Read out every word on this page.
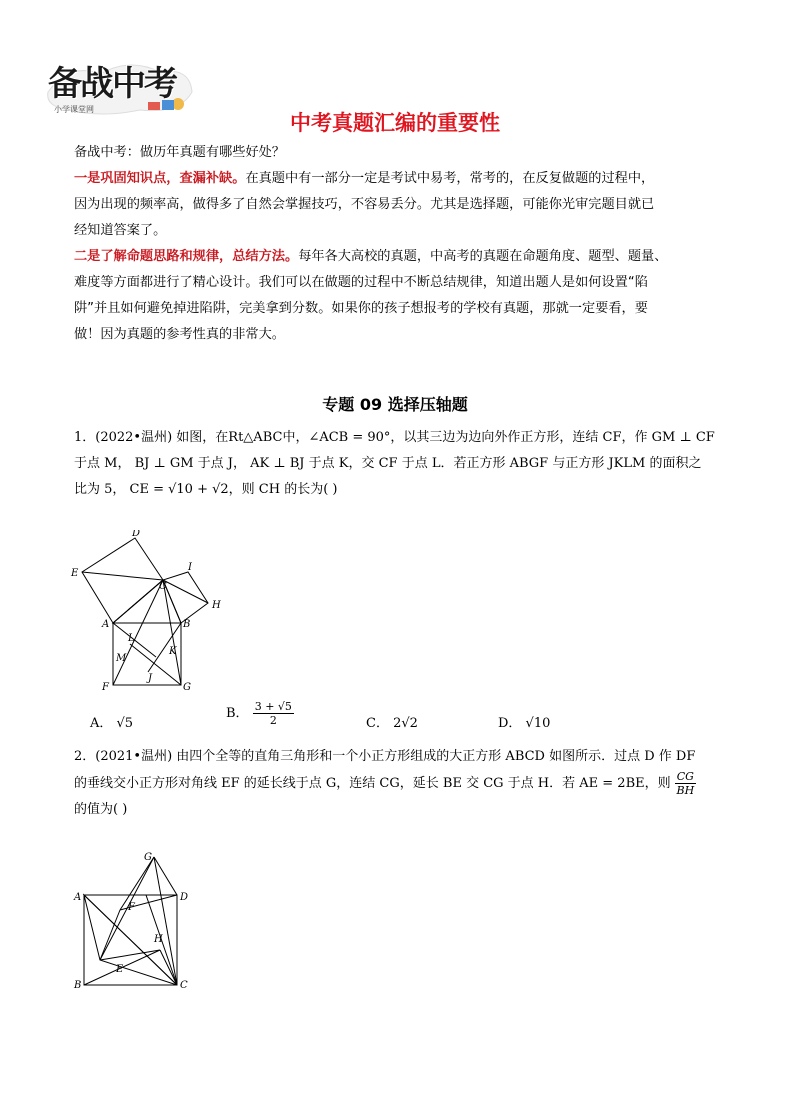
备战中考
小学课堂网
中考真题汇编的重要性
备战中考：做历年真题有哪些好处？
一是巩固知识点，查漏补缺。在真题中有一部分一定是考试中易考，常考的，在反复做题的过程中，
因为出现的频率高，做得多了自然会掌握技巧，不容易丢分。尤其是选择题，可能你光审完题目就已
经知道答案了。
二是了解命题思路和规律，总结方法。每年各大高校的真题，中高考的真题在命题角度、题型、题量、
难度等方面都进行了精心设计。我们可以在做题的过程中不断总结规律，知道出题人是如何设置“陷
阱”并且如何避免掉进陷阱，完美拿到分数。如果你的孩子想报考的学校有真题，那就一定要看，要
做！因为真题的参考性真的非常大。
专题 09 选择压轴题
1．(2022•温州) 如图，在Rt△ABC中，∠ACB = 90°，以其三边为边向外作正方形，连结 CF，作 GM ⊥ CF
于点 M， BJ ⊥ GM 于点 J， AK ⊥ BJ 于点 K，交 CF 于点 L．若正方形 ABGF 与正方形 JKLM 的面积之
比为 5， CE = √10 + √2，则 CH 的长为( )
D
E
C
I
H
A	B
L
K
M
J
F	G
A． √5
B． $\frac{3 + √5}{2}$	C． 2√2	D． √10
2．(2021•温州) 由四个全等的直角三角形和一个小正方形组成的大正方形 ABCD 如图所示．过点 D 作 DF
的垂线交小正方形对角线 EF 的延长线于点 G，连结 CG，延长 BE 交 CG 于点 H．若 AE = 2BE，则 $\frac{CG}{BH}$
的值为( )
G
A	D
F
H
E
B	C
